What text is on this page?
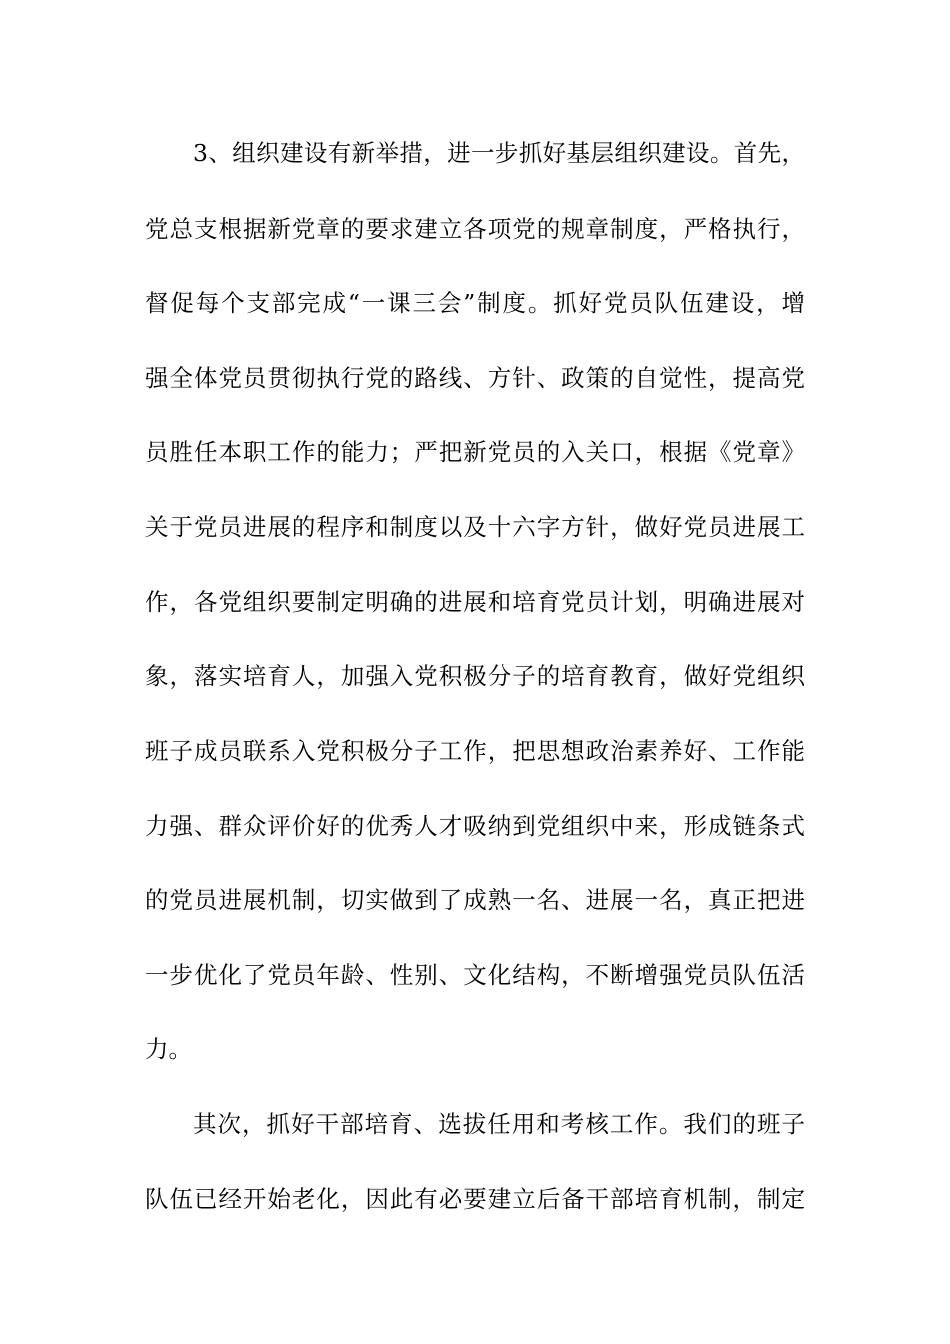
3、组织建设有新举措，进一步抓好基层组织建设。首先，
党总支根据新党章的要求建立各项党的规章制度，严格执行，
督促每个支部完成“一课三会”制度。抓好党员队伍建设，增
强全体党员贯彻执行党的路线、方针、政策的自觉性，提高党
员胜任本职工作的能力；严把新党员的入关口，根据《党章》
关于党员进展的程序和制度以及十六字方针，做好党员进展工
作，各党组织要制定明确的进展和培育党员计划，明确进展对
象，落实培育人，加强入党积极分子的培育教育，做好党组织
班子成员联系入党积极分子工作，把思想政治素养好、工作能
力强、群众评价好的优秀人才吸纳到党组织中来，形成链条式
的党员进展机制，切实做到了成熟一名、进展一名，真正把进
一步优化了党员年龄、性别、文化结构，不断增强党员队伍活
力。
其次，抓好干部培育、选拔任用和考核工作。我们的班子
队伍已经开始老化，因此有必要建立后备干部培育机制，制定
